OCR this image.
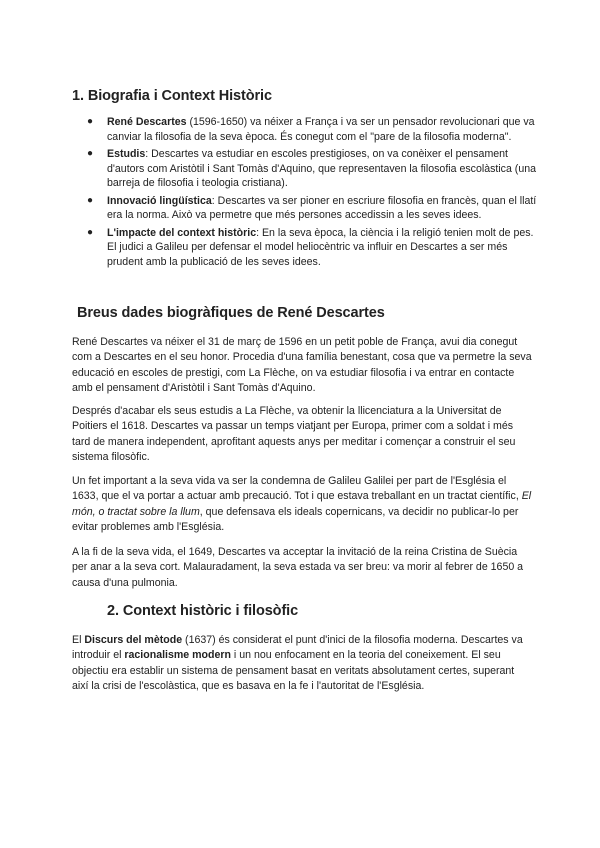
1. Biografia i Context Històric
● René Descartes (1596-1650) va néixer a França i va ser un pensador revolucionari que va canviar la filosofia de la seva època. És conegut com el "pare de la filosofia moderna".
● Estudis: Descartes va estudiar en escoles prestigioses, on va conèixer el pensament d'autors com Aristòtil i Sant Tomàs d'Aquino, que representaven la filosofia escolàstica (una barreja de filosofia i teologia cristiana).
● Innovació lingüística: Descartes va ser pioner en escriure filosofia en francès, quan el llatí era la norma. Això va permetre que més persones accedissin a les seves idees.
● L'impacte del context històric: En la seva època, la ciència i la religió tenien molt de pes. El judici a Galileu per defensar el model heliocèntric va influir en Descartes a ser més prudent amb la publicació de les seves idees.
Breus dades biogràfiques de René Descartes

René Descartes va néixer el 31 de març de 1596 en un petit poble de França, avui dia conegut com a Descartes en el seu honor. Procedia d'una família benestant, cosa que va permetre la seva educació en escoles de prestigi, com La Flèche, on va estudiar filosofia i va entrar en contacte amb el pensament d'Aristòtil i Sant Tomàs d'Aquino.

Després d'acabar els seus estudis a La Flèche, va obtenir la llicenciatura a la Universitat de Poitiers el 1618. Descartes va passar un temps viatjant per Europa, primer com a soldat i més tard de manera independent, aprofitant aquests anys per meditar i començar a construir el seu sistema filosòfic.

Un fet important a la seva vida va ser la condemna de Galileu Galilei per part de l'Església el 1633, que el va portar a actuar amb precaució. Tot i que estava treballant en un tractat científic, El món, o tractat sobre la llum, que defensava els ideals copernicans, va decidir no publicar-lo per evitar problemes amb l'Església.

A la fi de la seva vida, el 1649, Descartes va acceptar la invitació de la reina Cristina de Suècia per anar a la seva cort. Malauradament, la seva estada va ser breu: va morir al febrer de 1650 a causa d'una pulmonia.

2. Context històric i filosòfic

El Discurs del mètode (1637) és considerat el punt d'inici de la filosofia moderna. Descartes va introduir el racionalisme modern i un nou enfocament en la teoria del coneixement. El seu objectiu era establir un sistema de pensament basat en veritats absolutament certes, superant així la crisi de l'escolàstica, que es basava en la fe i l'autoritat de l'Església.
